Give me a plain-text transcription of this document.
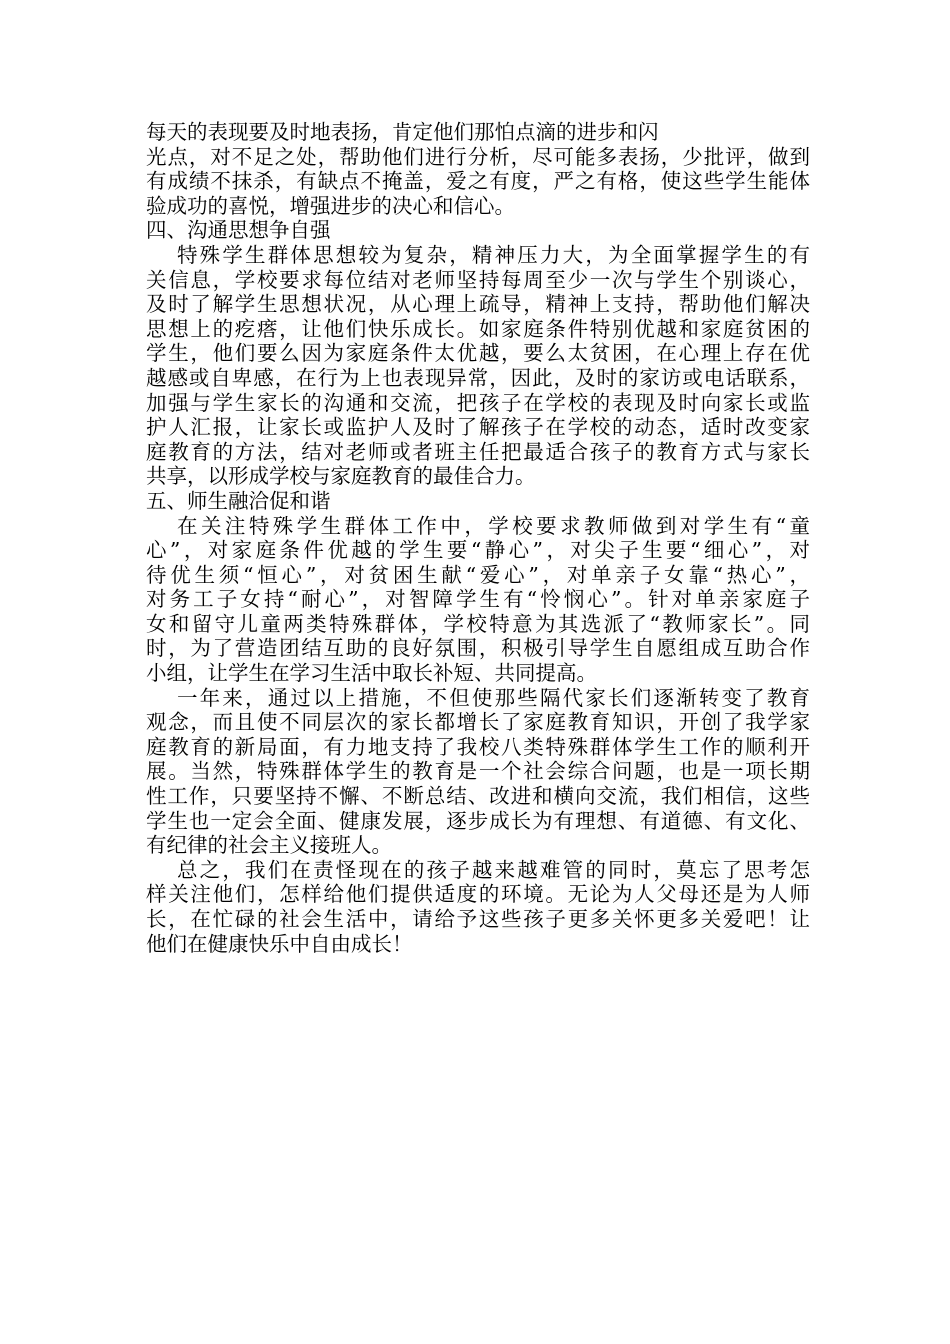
每天的表现要及时地表扬，肯定他们那怕点滴的进步和闪
光点，对不足之处，帮助他们进行分析，尽可能多表扬，少批评，做到
有成绩不抹杀，有缺点不掩盖，爱之有度，严之有格，使这些学生能体
验成功的喜悦，增强进步的决心和信心。
四、沟通思想争自强
特殊学生群体思想较为复杂，精神压力大，为全面掌握学生的有
关信息，学校要求每位结对老师坚持每周至少一次与学生个别谈心，
及时了解学生思想状况，从心理上疏导，精神上支持，帮助他们解决
思想上的疙瘩，让他们快乐成长。如家庭条件特别优越和家庭贫困的
学生，他们要么因为家庭条件太优越，要么太贫困，在心理上存在优
越感或自卑感，在行为上也表现异常，因此，及时的家访或电话联系，
加强与学生家长的沟通和交流，把孩子在学校的表现及时向家长或监
护人汇报，让家长或监护人及时了解孩子在学校的动态，适时改变家
庭教育的方法，结对老师或者班主任把最适合孩子的教育方式与家长
共享，以形成学校与家庭教育的最佳合力。
五、师生融洽促和谐
在关注特殊学生群体工作中，学校要求教师做到对学生有“童
心”，对家庭条件优越的学生要“静心”，对尖子生要“细心”，对
待优生须“恒心”，对贫困生献“爱心”，对单亲子女靠“热心”，
对务工子女持“耐心”，对智障学生有“怜悯心”。针对单亲家庭子
女和留守儿童两类特殊群体，学校特意为其选派了“教师家长”。同
时，为了营造团结互助的良好氛围，积极引导学生自愿组成互助合作
小组，让学生在学习生活中取长补短、共同提高。
一年来，通过以上措施，不但使那些隔代家长们逐渐转变了教育
观念，而且使不同层次的家长都增长了家庭教育知识，开创了我学家
庭教育的新局面，有力地支持了我校八类特殊群体学生工作的顺利开
展。当然，特殊群体学生的教育是一个社会综合问题，也是一项长期
性工作，只要坚持不懈、不断总结、改进和横向交流，我们相信，这些
学生也一定会全面、健康发展，逐步成长为有理想、有道德、有文化、
有纪律的社会主义接班人。
总之，我们在责怪现在的孩子越来越难管的同时，莫忘了思考怎
样关注他们，怎样给他们提供适度的环境。无论为人父母还是为人师
长，在忙碌的社会生活中，请给予这些孩子更多关怀更多关爱吧！让
他们在健康快乐中自由成长！
